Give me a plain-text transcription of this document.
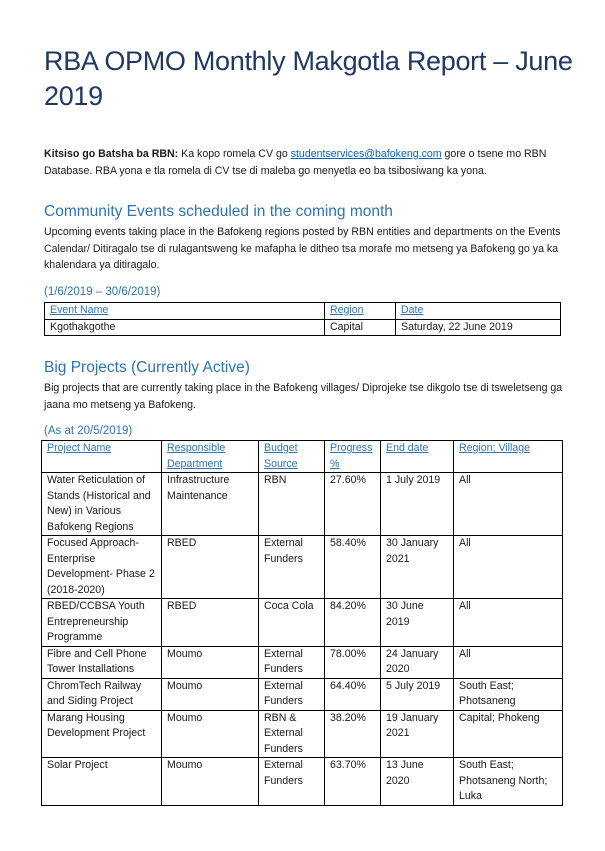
RBA OPMO Monthly Makgotla Report – June 2019

Kitsiso go Batsha ba RBN: Ka kopo romela CV go studentservices@bafokeng.com gore o tsene mo RBN Database. RBA yona e tla romela di CV tse di maleba go menyetla eo ba tsibosiwang ka yona.

Community Events scheduled in the coming month

Upcoming events taking place in the Bafokeng regions posted by RBN entities and departments on the Events Calendar/ Ditiragalo tse di rulagantsweng ke mafapha le ditheo tsa morafe mo metseng ya Bafokeng go ya ka khalendara ya ditiragalo.

(1/6/2019 – 30/6/2019)

Event Name	Region	Date
Kgothakgothe	Capital	Saturday, 22 June 2019
Big Projects (Currently Active)

Big projects that are currently taking place in the Bafokeng villages/ Diprojeke tse dikgolo tse di tsweletseng ga jaana mo metseng ya Bafokeng.

(As at 20/5/2019)

Project Name	Responsible Department	Budget Source	Progress %	End date	Region; Village
Water Reticulation of Stands (Historical and New) in Various Bafokeng Regions	Infrastructure Maintenance	RBN	27.60%	1 July 2019	All
Focused Approach-Enterprise Development- Phase 2 (2018-2020)	RBED	External Funders	58.40%	30 January 2021	All
RBED/CCBSA Youth Entrepreneurship Programme	RBED	Coca Cola	84.20%	30 June 2019	All
Fibre and Cell Phone Tower Installations	Moumo	External Funders	78.00%	24 January 2020	All
ChromTech Railway and Siding Project	Moumo	External Funders	64.40%	5 July 2019	South East; Photsaneng
Marang Housing Development Project	Moumo	RBN & External Funders	38.20%	19 January 2021	Capital; Phokeng
Solar Project	Moumo	External Funders	63.70%	13 June 2020	South East; Photsaneng North; Luka
